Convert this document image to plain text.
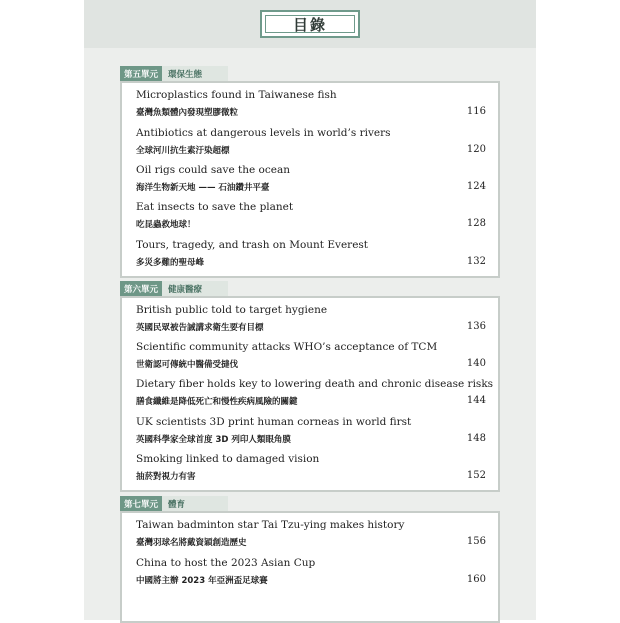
目錄
第五單元	環保生態
Microplastics found in Taiwanese fish
臺灣魚類體內發現塑膠微粒	116
Antibiotics at dangerous levels in world’s rivers
全球河川抗生素汙染超標	120
Oil rigs could save the ocean
海洋生物新天地 —— 石油鑽井平臺	124
Eat insects to save the planet
吃昆蟲救地球！	128
Tours, tragedy, and trash on Mount Everest
多災多難的聖母峰	132
第六單元	健康醫療
British public told to target hygiene
英國民眾被告誡講求衛生要有目標	136
Scientific community attacks WHO’s acceptance of TCM
世衛認可傳統中醫備受撻伐	140
Dietary fiber holds key to lowering death and chronic disease risks
膳食纖維是降低死亡和慢性疾病風險的關鍵	144
UK scientists 3D print human corneas in world first
英國科學家全球首度 3D 列印人類眼角膜	148
Smoking linked to damaged vision
抽菸對視力有害	152
第七單元	體育
Taiwan badminton star Tai Tzu-ying makes history
臺灣羽球名將戴資穎創造歷史	156
China to host the 2023 Asian Cup
中國將主辦 2023 年亞洲盃足球賽	160
